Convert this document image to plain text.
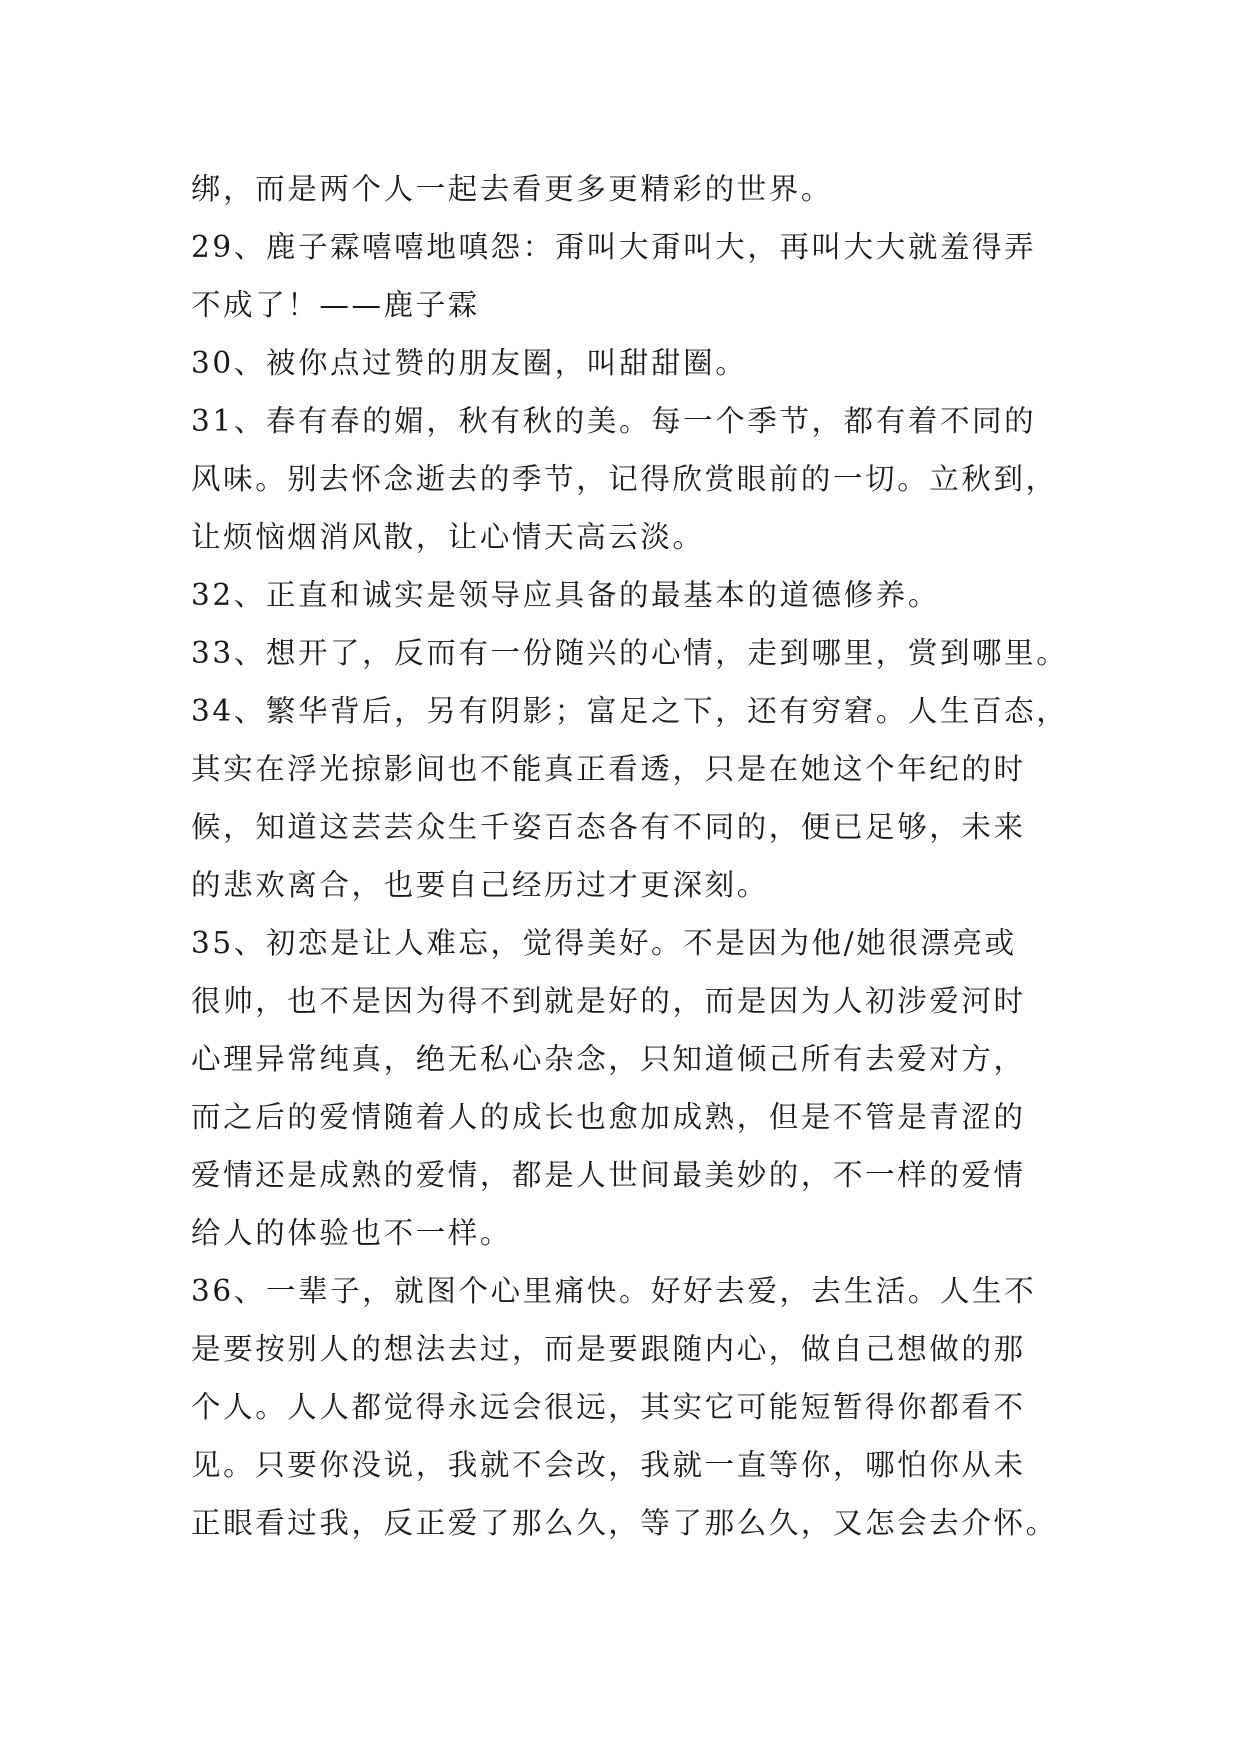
绑，而是两个人一起去看更多更精彩的世界。
29、鹿子霖嘻嘻地嗔怨：甭叫大甭叫大，再叫大大就羞得弄
不成了！——鹿子霖
30、被你点过赞的朋友圈，叫甜甜圈。
31、春有春的媚，秋有秋的美。每一个季节，都有着不同的
风味。别去怀念逝去的季节，记得欣赏眼前的一切。立秋到，
让烦恼烟消风散，让心情天高云淡。
32、正直和诚实是领导应具备的最基本的道德修养。
33、想开了，反而有一份随兴的心情，走到哪里，赏到哪里。
34、繁华背后，另有阴影；富足之下，还有穷窘。人生百态，
其实在浮光掠影间也不能真正看透，只是在她这个年纪的时
候，知道这芸芸众生千姿百态各有不同的，便已足够，未来
的悲欢离合，也要自己经历过才更深刻。
35、初恋是让人难忘，觉得美好。不是因为他/她很漂亮或
很帅，也不是因为得不到就是好的，而是因为人初涉爱河时
心理异常纯真，绝无私心杂念，只知道倾己所有去爱对方，
而之后的爱情随着人的成长也愈加成熟，但是不管是青涩的
爱情还是成熟的爱情，都是人世间最美妙的，不一样的爱情
给人的体验也不一样。
36、一辈子，就图个心里痛快。好好去爱，去生活。人生不
是要按别人的想法去过，而是要跟随内心，做自己想做的那
个人。人人都觉得永远会很远，其实它可能短暂得你都看不
见。只要你没说，我就不会改，我就一直等你，哪怕你从未
正眼看过我，反正爱了那么久，等了那么久，又怎会去介怀。
